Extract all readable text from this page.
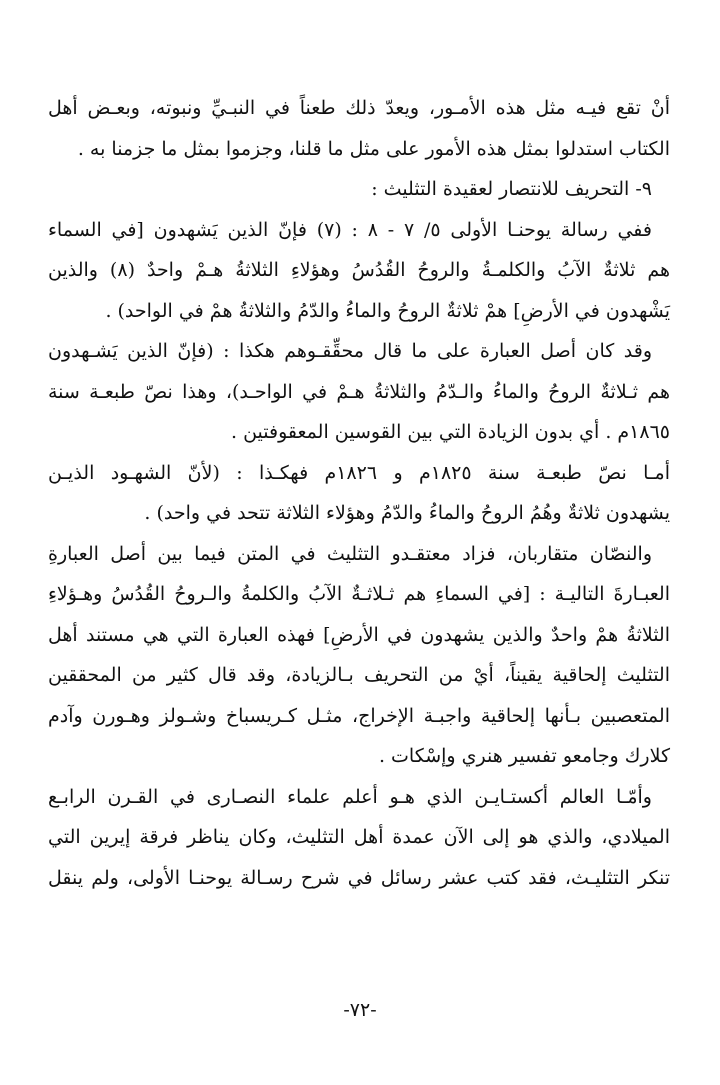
أنْ تقع فيـه مثل هذه الأمـور، ويعدّ ذلك طعناً في النبـيِّ ونبوته، وبعـض أهل
الكتاب استدلوا بمثل هذه الأمور على مثل ما قلنا، وجزموا بمثل ما جزمنا به .
٩- التحريف للانتصار لعقيدة التثليث :
ففي رسالة يوحنـا الأولى ٥/ ٧ - ٨ : (٧) فإنّ الذين يَشهدون [في السماء
هم ثلاثةٌ الآبُ والكلمـةُ والروحُ القُدُسُ وهؤلاءِ الثلاثةُ هـمْ واحدٌ (٨) والذين
يَشْهدون في الأرضِ] همْ ثلاثةٌ الروحُ والماءُ والدّمُ والثلاثةُ همْ في الواحد) .
وقد كان أصل العبارة على ما قال محقِّقـوهم هكذا : (فإنّ الذين يَشـهدون
هم ثـلاثةٌ الروحُ والماءُ والـدّمُ والثلاثةُ هـمْ في الواحـد)، وهذا نصّ طبعـة سنة
١٨٦٥م . أي بدون الزيادة التي بين القوسين المعقوفتين .
أمـا نصّ طبعـة سنة ١٨٢٥م و ١٨٢٦م فهكـذا : (لأنّ الشهـود الذيـن
يشهدون ثلاثةٌ وهُمُ الروحُ والماءُ والدّمُ وهؤلاء الثلاثة تتحد في واحد) .
والنصّان متقاربان، فزاد معتقـدو التثليث في المتن فيما بين أصل العبارةِ
العبـارةَ التاليـة : [في السماءِ هم ثـلاثـةٌ الآبُ والكلمةُ والـروحُ القُدُسُ وهـؤلاءِ
الثلاثةُ همْ واحدٌ والذين يشهدون في الأرضِ] فهذه العبارة التي هي مستند أهل
التثليث إلحاقية يقيناً، أيْ من التحريف بـالزيادة، وقد قال كثير من المحققين
المتعصبين بـأنها إلحاقية واجبـة الإخراج، مثـل كـريسباخ وشـولز وهـورن وآدم
كلارك وجامعو تفسير هنري وإسْكات .
وأمّـا العالم أكستـايـن الذي هـو أعلم علماء النصـارى في القـرن الرابـع
الميلادي، والذي هو إلى الآن عمدة أهل التثليث، وكان يناظر فرقة إيرين التي
تنكر التثليـث، فقد كتب عشر رسائل في شرح رسـالة يوحنـا الأولى، ولم ينقل
-٧٢-
